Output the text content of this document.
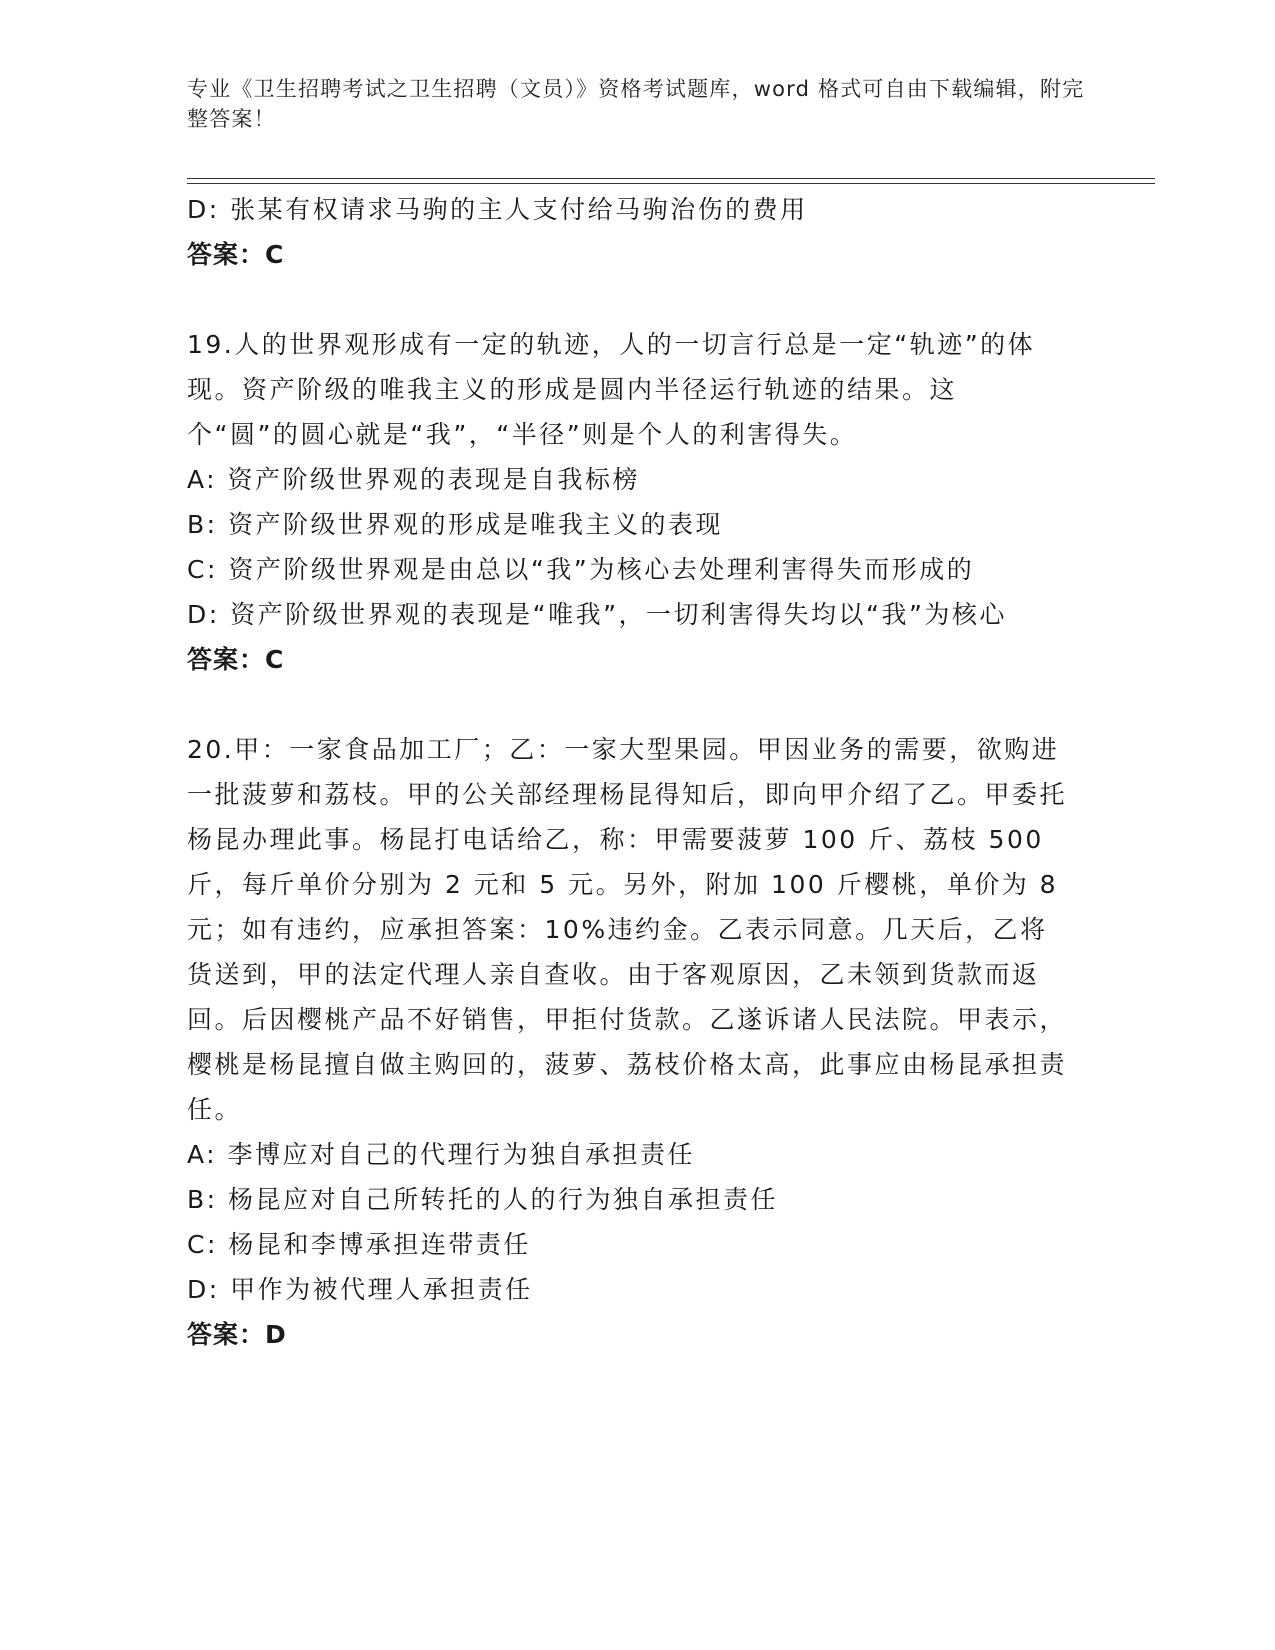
专业《卫生招聘考试之卫生招聘（文员）》资格考试题库，word 格式可自由下载编辑，附完整答案！

D: 张某有权请求马驹的主人支付给马驹治伤的费用

答案：C

19.人的世界观形成有一定的轨迹，人的一切言行总是一定“轨迹”的体现。资产阶级的唯我主义的形成是圆内半径运行轨迹的结果。这个“圆”的圆心就是“我”，“半径”则是个人的利害得失。

A: 资产阶级世界观的表现是自我标榜

B: 资产阶级世界观的形成是唯我主义的表现

C: 资产阶级世界观是由总以“我”为核心去处理利害得失而形成的

D: 资产阶级世界观的表现是“唯我”，一切利害得失均以“我”为核心

答案：C

20.甲：一家食品加工厂；乙：一家大型果园。甲因业务的需要，欲购进一批菠萝和荔枝。甲的公关部经理杨昆得知后，即向甲介绍了乙。甲委托杨昆办理此事。杨昆打电话给乙，称：甲需要菠萝 100 斤、荔枝 500 斤，每斤单价分别为 2 元和 5 元。另外，附加 100 斤樱桃，单价为 8 元；如有违约，应承担答案：10%违约金。乙表示同意。几天后，乙将货送到，甲的法定代理人亲自查收。由于客观原因，乙未领到货款而返回。后因樱桃产品不好销售，甲拒付货款。乙遂诉诸人民法院。甲表示，樱桃是杨昆擅自做主购回的，菠萝、荔枝价格太高，此事应由杨昆承担责任。

A: 李博应对自己的代理行为独自承担责任

B: 杨昆应对自己所转托的人的行为独自承担责任

C: 杨昆和李博承担连带责任

D: 甲作为被代理人承担责任

答案：D
